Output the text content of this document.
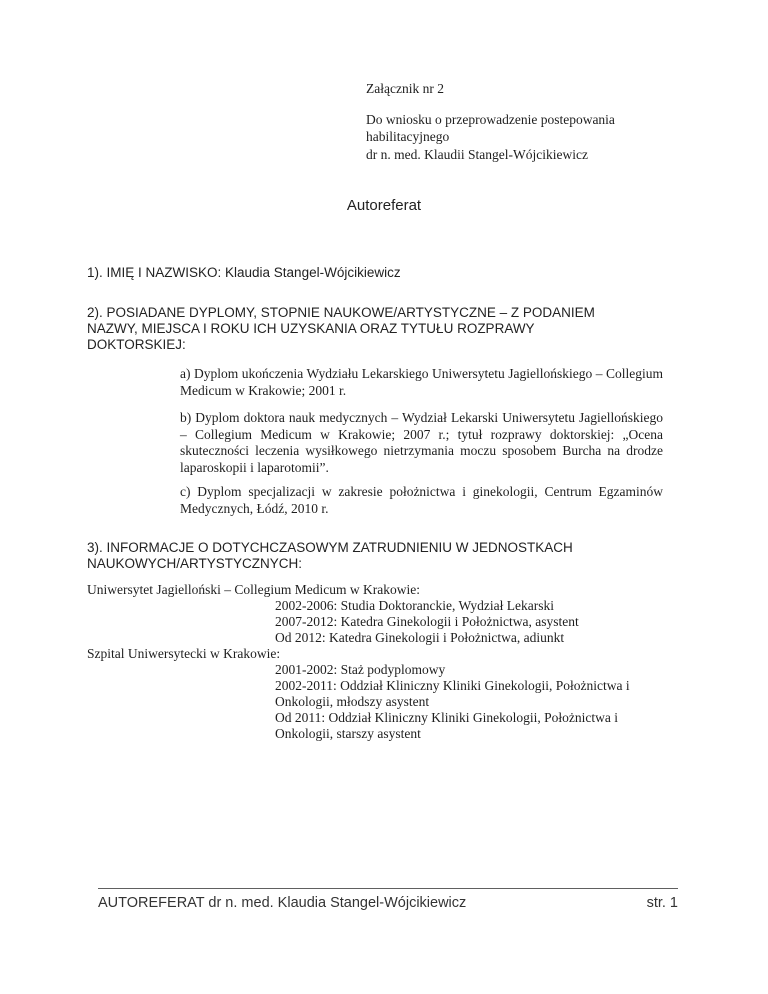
Załącznik nr 2
Do wniosku o przeprowadzenie postepowania
habilitacyjnego
dr n. med. Klaudii Stangel-Wójcikiewicz
Autoreferat
1). IMIĘ I NAZWISKO: Klaudia Stangel-Wójcikiewicz
2). POSIADANE DYPLOMY, STOPNIE NAUKOWE/ARTYSTYCZNE – Z PODANIEM NAZWY, MIEJSCA I ROKU ICH UZYSKANIA ORAZ TYTUŁU ROZPRAWY DOKTORSKIEJ:

a) Dyplom ukończenia Wydziału Lekarskiego Uniwersytetu Jagiellońskiego – Collegium Medicum w Krakowie; 2001 r.

b) Dyplom doktora nauk medycznych – Wydział Lekarski Uniwersytetu Jagiellońskiego – Collegium Medicum w Krakowie; 2007 r.; tytuł rozprawy doktorskiej: „Ocena skuteczności leczenia wysiłkowego nietrzymania moczu sposobem Burcha na drodze laparoskopii i laparotomii”.

c) Dyplom specjalizacji w zakresie położnictwa i ginekologii, Centrum Egzaminów Medycznych, Łódź, 2010 r.

3). INFORMACJE O DOTYCHCZASOWYM ZATRUDNIENIU W JEDNOSTKACH NAUKOWYCH/ARTYSTYCZNYCH:
Uniwersytet Jagielloński – Collegium Medicum w Krakowie:
2002-2006: Studia Doktoranckie, Wydział Lekarski
2007-2012: Katedra Ginekologii i Położnictwa, asystent
Od 2012: Katedra Ginekologii i Położnictwa, adiunkt
Szpital Uniwersytecki w Krakowie:
2001-2002: Staż podyplomowy
2002-2011: Oddział Kliniczny Kliniki Ginekologii, Położnictwa i Onkologii, młodszy asystent
Od 2011: Oddział Kliniczny Kliniki Ginekologii, Położnictwa i Onkologii, starszy asystent
AUTOREFERAT dr n. med. Klaudia Stangel-Wójcikiewicz	str. 1
